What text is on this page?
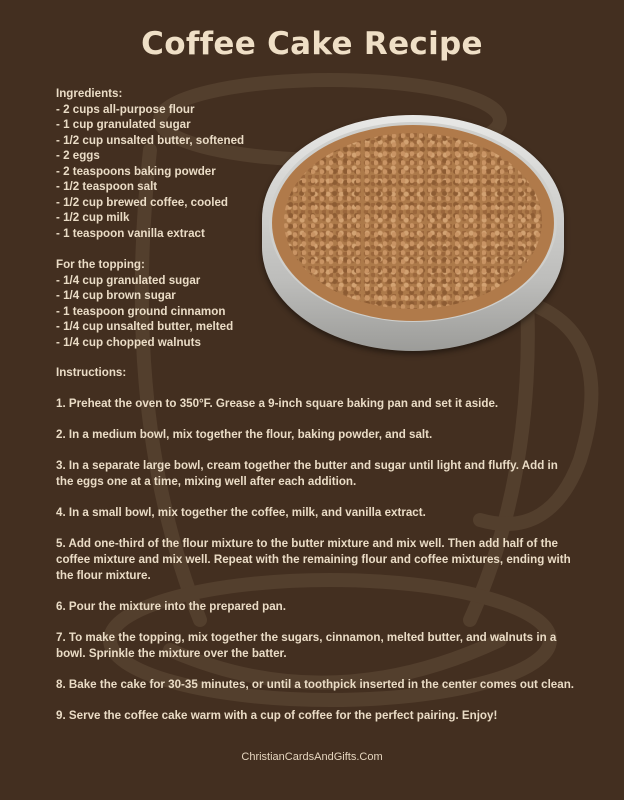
Coffee Cake Recipe
Ingredients:
- 2 cups all-purpose flour
- 1 cup granulated sugar
- 1/2 cup unsalted butter, softened
- 2 eggs
- 2 teaspoons baking powder
- 1/2 teaspoon salt
- 1/2 cup brewed coffee, cooled
- 1/2 cup milk
- 1 teaspoon vanilla extract
For the topping:
- 1/4 cup granulated sugar
- 1/4 cup brown sugar
- 1 teaspoon ground cinnamon
- 1/4 cup unsalted butter, melted
- 1/4 cup chopped walnuts
Instructions:
1. Preheat the oven to 350°F. Grease a 9-inch square baking pan and set it aside.
2. In a medium bowl, mix together the flour, baking powder, and salt.
3. In a separate large bowl, cream together the butter and sugar until light and fluffy. Add in the eggs one at a time, mixing well after each addition.
4. In a small bowl, mix together the coffee, milk, and vanilla extract.
5. Add one-third of the flour mixture to the butter mixture and mix well. Then add half of the coffee mixture and mix well. Repeat with the remaining flour and coffee mixtures, ending with the flour mixture.
6. Pour the mixture into the prepared pan.
7. To make the topping, mix together the sugars, cinnamon, melted butter, and walnuts in a bowl. Sprinkle the mixture over the batter.
8. Bake the cake for 30-35 minutes, or until a toothpick inserted in the center comes out clean.
9. Serve the coffee cake warm with a cup of coffee for the perfect pairing. Enjoy!
ChristianCardsAndGifts.Com
